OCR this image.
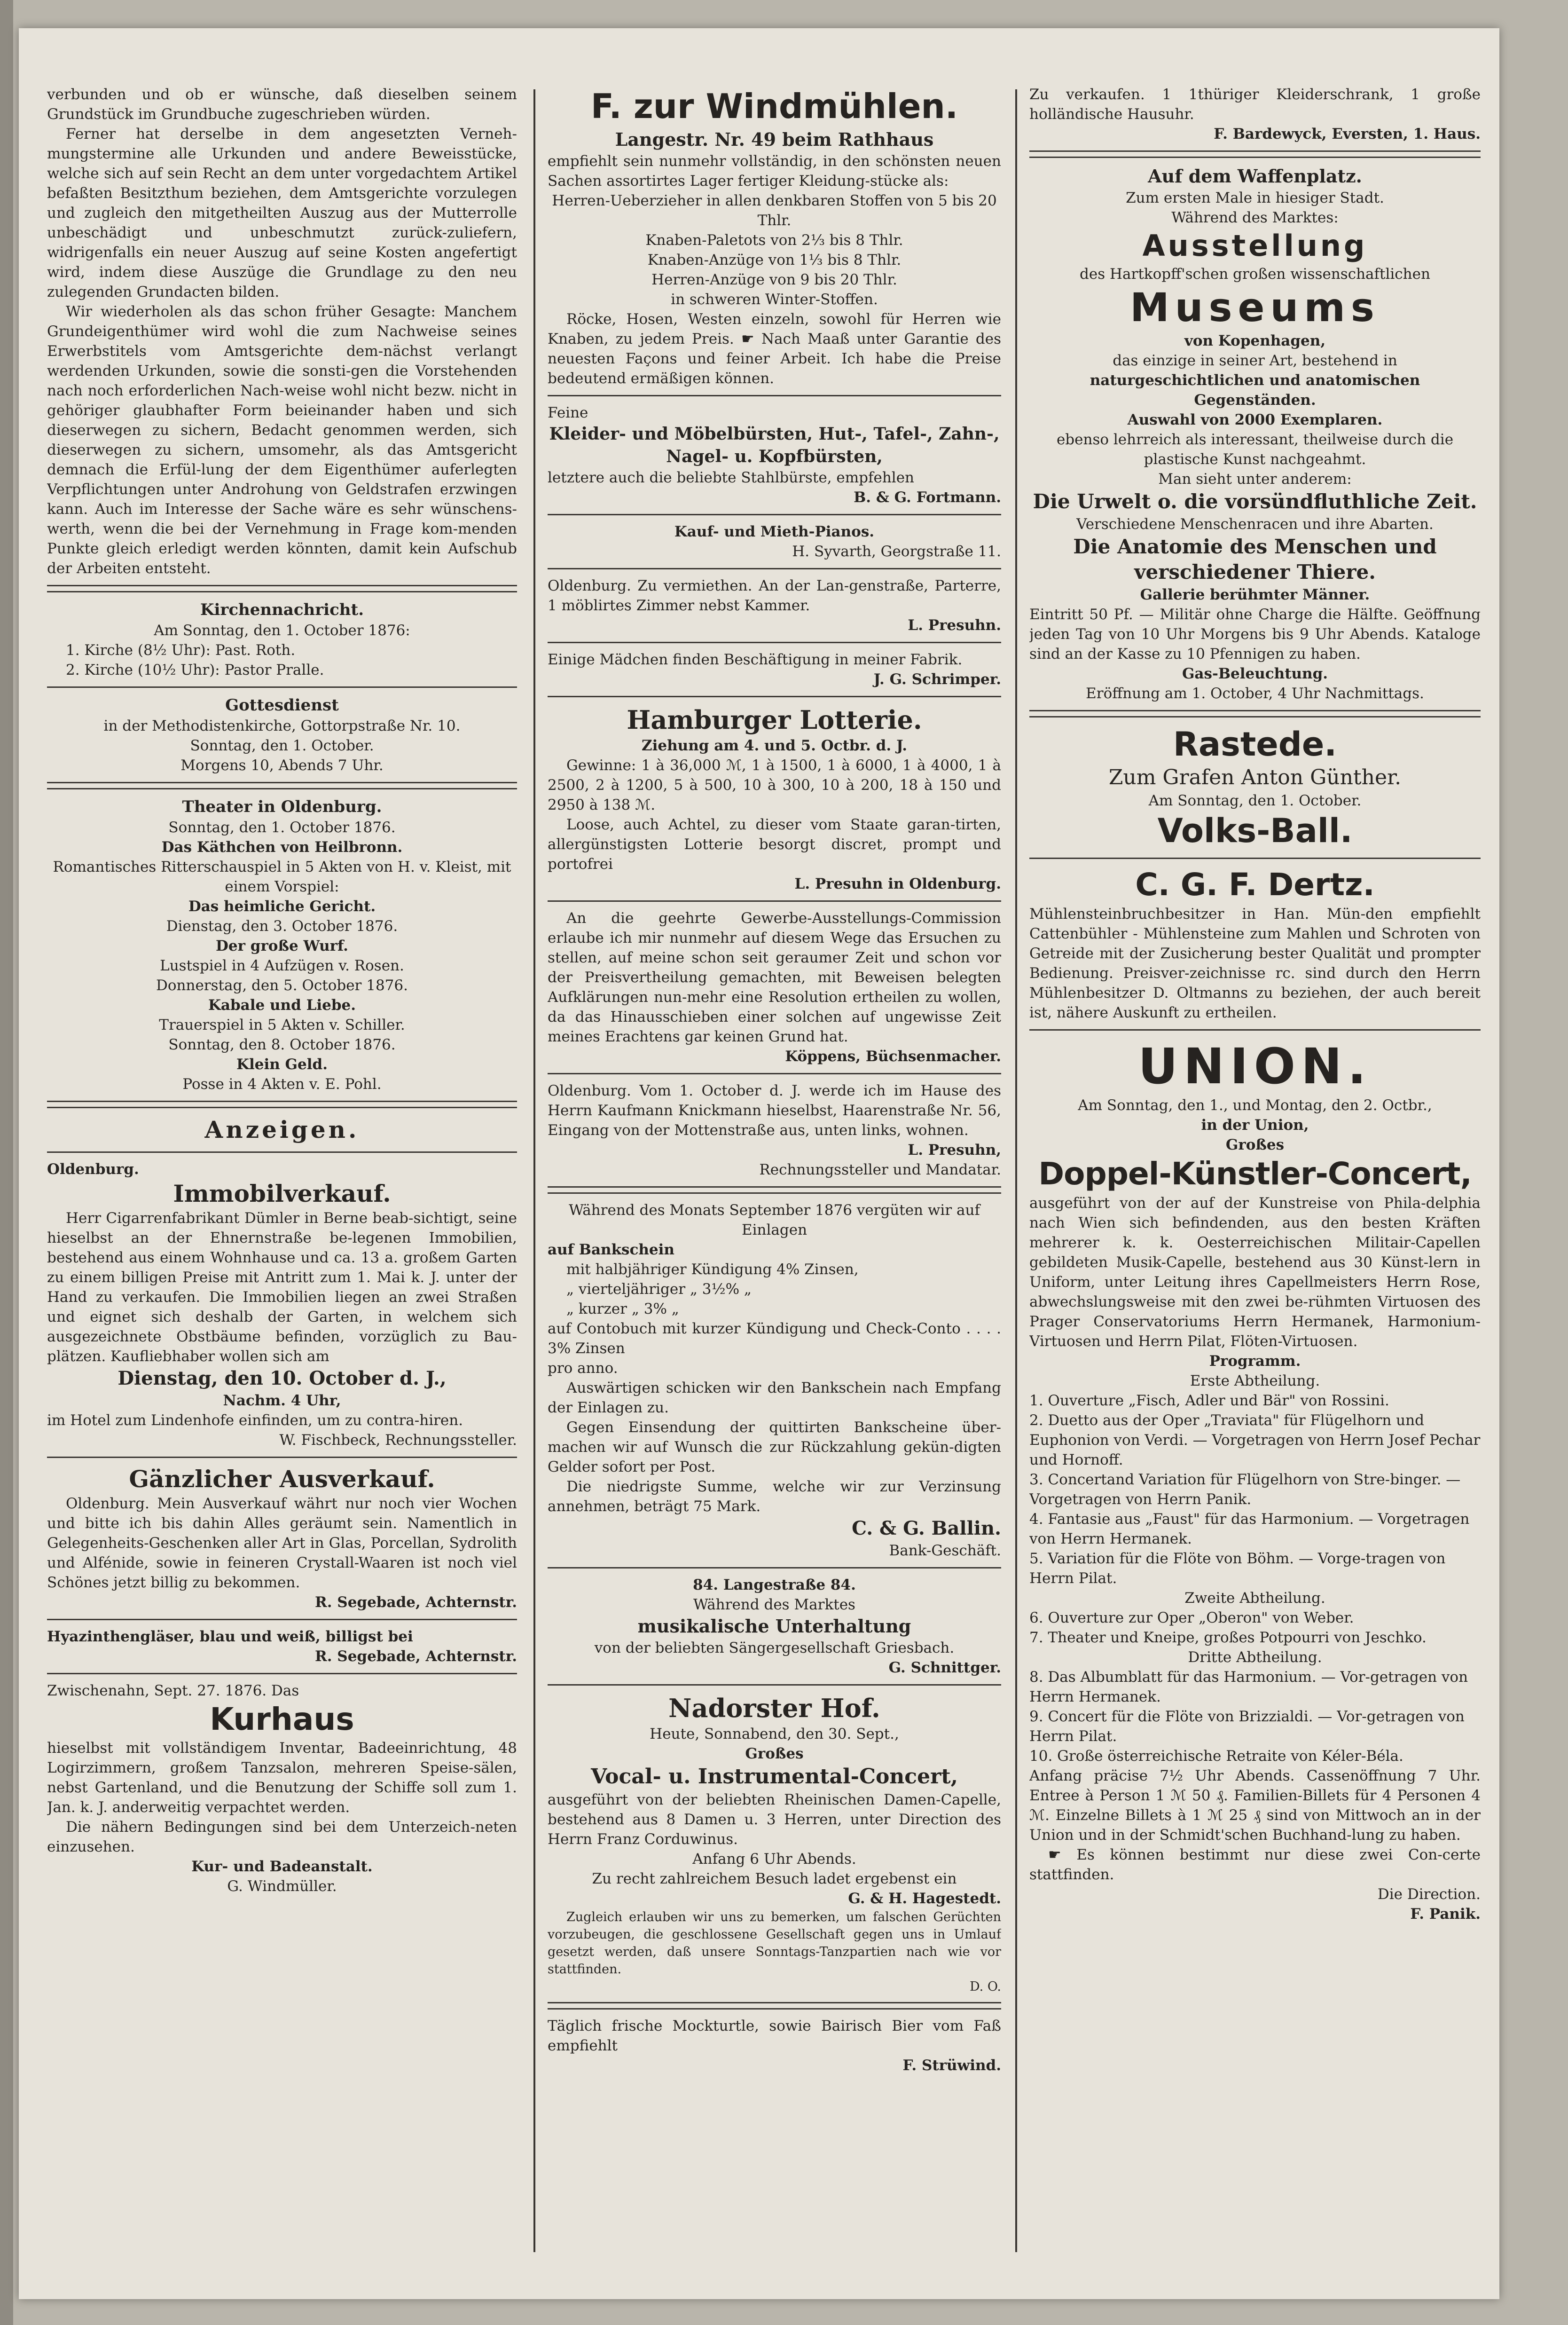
verbunden und ob er wünsche, daß dieselben seinem Grundstück im Grundbuche zugeschrieben würden.

Ferner hat derselbe in dem angesetzten Verneh-mungstermine alle Urkunden und andere Beweisstücke, welche sich auf sein Recht an dem unter vorgedachtem Artikel befaßten Besitzthum beziehen, dem Amtsgerichte vorzulegen und zugleich den mitgetheilten Auszug aus der Mutterrolle unbeschädigt und unbeschmutzt zurück-zuliefern, widrigenfalls ein neuer Auszug auf seine Kosten angefertigt wird, indem diese Auszüge die Grundlage zu den neu zulegenden Grundacten bilden.

Wir wiederholen als das schon früher Gesagte: Manchem Grundeigenthümer wird wohl die zum Nachweise seines Erwerbstitels vom Amtsgerichte dem-nächst verlangt werdenden Urkunden, sowie die sonsti-gen die Vorstehenden nach noch erforderlichen Nach-weise wohl nicht bezw. nicht in gehöriger glaubhafter Form beieinander haben und sich dieserwegen zu sichern, Bedacht genommen werden, sich dieserwegen zu sichern, umsomehr, als das Amtsgericht demnach die Erfül-lung der dem Eigenthümer auferlegten Verpflichtungen unter Androhung von Geldstrafen erzwingen kann. Auch im Interesse der Sache wäre es sehr wünschens-werth, wenn die bei der Vernehmung in Frage kom-menden Punkte gleich erledigt werden könnten, damit kein Aufschub der Arbeiten entsteht.

Kirchennachricht.

Am Sonntag, den 1. October 1876:

1. Kirche (8½ Uhr): Past. Roth.

2. Kirche (10½ Uhr): Pastor Pralle.

Gottesdienst

in der Methodistenkirche, Gottorpstraße Nr. 10.

Sonntag, den 1. October.

Morgens 10, Abends 7 Uhr.

Theater in Oldenburg.

Sonntag, den 1. October 1876.

Das Käthchen von Heilbronn.

Romantisches Ritterschauspiel in 5 Akten von H. v. Kleist, mit einem Vorspiel:

Das heimliche Gericht.

Dienstag, den 3. October 1876.

Der große Wurf.

Lustspiel in 4 Aufzügen v. Rosen.

Donnerstag, den 5. October 1876.

Kabale und Liebe.

Trauerspiel in 5 Akten v. Schiller.

Sonntag, den 8. October 1876.

Klein Geld.

Posse in 4 Akten v. E. Pohl.

Anzeigen.

Oldenburg.

Immobilverkauf.

Herr Cigarrenfabrikant Dümler in Berne beab-sichtigt, seine hieselbst an der Ehnernstraße be-legenen Immobilien, bestehend aus einem Wohnhause und ca. 13 a. großem Garten zu einem billigen Preise mit Antritt zum 1. Mai k. J. unter der Hand zu verkaufen. Die Immobilien liegen an zwei Straßen und eignet sich deshalb der Garten, in welchem sich ausgezeichnete Obstbäume befinden, vorzüglich zu Bau-plätzen. Kaufliebhaber wollen sich am

Dienstag, den 10. October d. J.,

Nachm. 4 Uhr,

im Hotel zum Lindenhofe einfinden, um zu contra-hiren.

W. Fischbeck, Rechnungssteller.

Gänzlicher Ausverkauf.

Oldenburg. Mein Ausverkauf währt nur noch vier Wochen und bitte ich bis dahin Alles geräumt sein. Namentlich in Gelegenheits-Geschenken aller Art in Glas, Porcellan, Sydrolith und Alfénide, sowie in feineren Crystall-Waaren ist noch viel Schönes jetzt billig zu bekommen.

R. Segebade, Achternstr.

Hyazinthengläser, blau und weiß, billigst bei

R. Segebade, Achternstr.

Zwischenahn, Sept. 27. 1876. Das

Kurhaus

hieselbst mit vollständigem Inventar, Badeeinrichtung, 48 Logirzimmern, großem Tanzsalon, mehreren Speise-sälen, nebst Gartenland, und die Benutzung der Schiffe soll zum 1. Jan. k. J. anderweitig verpachtet werden.

Die nähern Bedingungen sind bei dem Unterzeich-neten einzusehen.

Kur- und Badeanstalt.

G. Windmüller.

F. zur Windmühlen.

Langestr. Nr. 49 beim Rathhaus

empfiehlt sein nunmehr vollständig, in den schönsten neuen Sachen assortirtes Lager fertiger Kleidung-stücke als:

Herren-Ueberzieher in allen denkbaren Stoffen von 5 bis 20 Thlr.

Knaben-Paletots von 2⅓ bis 8 Thlr.

Knaben-Anzüge von 1⅓ bis 8 Thlr.

Herren-Anzüge von 9 bis 20 Thlr.

in schweren Winter-Stoffen.

Röcke, Hosen, Westen einzeln, sowohl für Herren wie Knaben, zu jedem Preis. ☛ Nach Maaß unter Garantie des neuesten Façons und feiner Arbeit. Ich habe die Preise bedeutend ermäßigen können.

Feine

Kleider- und Möbelbürsten, Hut-, Tafel-, Zahn-, Nagel- u. Kopfbürsten,

letztere auch die beliebte Stahlbürste, empfehlen

B. & G. Fortmann.

Kauf- und Mieth-Pianos.

H. Syvarth, Georgstraße 11.

Oldenburg. Zu vermiethen. An der Lan-genstraße, Parterre, 1 möblirtes Zimmer nebst Kammer.

L. Presuhn.

Einige Mädchen finden Beschäftigung in meiner Fabrik.

J. G. Schrimper.

Hamburger Lotterie.

Ziehung am 4. und 5. Octbr. d. J.

Gewinne: 1 à 36,000 ℳ, 1 à 1500, 1 à 6000, 1 à 4000, 1 à 2500, 2 à 1200, 5 à 500, 10 à 300, 10 à 200, 18 à 150 und 2950 à 138 ℳ.

Loose, auch Achtel, zu dieser vom Staate garan-tirten, allergünstigsten Lotterie besorgt discret, prompt und portofrei

L. Presuhn in Oldenburg.

An die geehrte Gewerbe-Ausstellungs-Commission erlaube ich mir nunmehr auf diesem Wege das Ersuchen zu stellen, auf meine schon seit geraumer Zeit und schon vor der Preisvertheilung gemachten, mit Beweisen belegten Aufklärungen nun-mehr eine Resolution ertheilen zu wollen, da das Hinausschieben einer solchen auf ungewisse Zeit meines Erachtens gar keinen Grund hat.

Köppens, Büchsenmacher.

Oldenburg. Vom 1. October d. J. werde ich im Hause des Herrn Kaufmann Knickmann hieselbst, Haarenstraße Nr. 56, Eingang von der Mottenstraße aus, unten links, wohnen.

L. Presuhn,

Rechnungssteller und Mandatar.

Während des Monats September 1876 vergüten wir auf Einlagen

auf Bankschein

mit halbjähriger Kündigung 4% Zinsen,

„ vierteljähriger „ 3½% „

„ kurzer „ 3% „

auf Contobuch mit kurzer Kündigung und Check-Conto . . . . 3% Zinsen

pro anno.

Auswärtigen schicken wir den Bankschein nach Empfang der Einlagen zu.

Gegen Einsendung der quittirten Bankscheine über-machen wir auf Wunsch die zur Rückzahlung gekün-digten Gelder sofort per Post.

Die niedrigste Summe, welche wir zur Verzinsung annehmen, beträgt 75 Mark.

C. & G. Ballin.

Bank-Geschäft.

84. Langestraße 84.

Während des Marktes

musikalische Unterhaltung

von der beliebten Sängergesellschaft Griesbach.

G. Schnittger.

Nadorster Hof.

Heute, Sonnabend, den 30. Sept.,

Großes

Vocal- u. Instrumental-Concert,

ausgeführt von der beliebten Rheinischen Damen-Capelle, bestehend aus 8 Damen u. 3 Herren, unter Direction des Herrn Franz Corduwinus.

Anfang 6 Uhr Abends.

Zu recht zahlreichem Besuch ladet ergebenst ein

G. & H. Hagestedt.

Zugleich erlauben wir uns zu bemerken, um falschen Gerüchten vorzubeugen, die geschlossene Gesellschaft gegen uns in Umlauf gesetzt werden, daß unsere Sonntags-Tanzpartien nach wie vor stattfinden.

D. O.

Täglich frische Mockturtle, sowie Bairisch Bier vom Faß empfiehlt

F. Strüwind.

Zu verkaufen. 1 1thüriger Kleiderschrank, 1 große holländische Hausuhr.

F. Bardewyck, Eversten, 1. Haus.

Auf dem Waffenplatz.

Zum ersten Male in hiesiger Stadt.

Während des Marktes:

Ausstellung

des Hartkopff'schen großen wissenschaftlichen

Museums

von Kopenhagen,

das einzige in seiner Art, bestehend in

naturgeschichtlichen und anatomischen Gegenständen.

Auswahl von 2000 Exemplaren.

ebenso lehrreich als interessant, theilweise durch die plastische Kunst nachgeahmt.

Man sieht unter anderem:

Die Urwelt o. die vorsündfluthliche Zeit.

Verschiedene Menschenracen und ihre Abarten.

Die Anatomie des Menschen und verschiedener Thiere.

Gallerie berühmter Männer.

Eintritt 50 Pf. — Militär ohne Charge die Hälfte. Geöffnung jeden Tag von 10 Uhr Morgens bis 9 Uhr Abends. Kataloge sind an der Kasse zu 10 Pfennigen zu haben.

Gas-Beleuchtung.

Eröffnung am 1. October, 4 Uhr Nachmittags.

Rastede.

Zum Grafen Anton Günther.

Am Sonntag, den 1. October.

Volks-Ball.
C. G. F. Dertz.

Mühlensteinbruchbesitzer in Han. Mün-den empfiehlt Cattenbühler - Mühlensteine zum Mahlen und Schroten von Getreide mit der Zusicherung bester Qualität und prompter Bedienung. Preisver-zeichnisse rc. sind durch den Herrn Mühlenbesitzer D. Oltmanns zu beziehen, der auch bereit ist, nähere Auskunft zu ertheilen.

UNION.

Am Sonntag, den 1., und Montag, den 2. Octbr.,

in der Union,

Großes

Doppel-Künstler-Concert,

ausgeführt von der auf der Kunstreise von Phila-delphia nach Wien sich befindenden, aus den besten Kräften mehrerer k. k. Oesterreichischen Militair-Capellen gebildeten Musik-Capelle, bestehend aus 30 Künst-lern in Uniform, unter Leitung ihres Capellmeisters Herrn Rose, abwechslungsweise mit den zwei be-rühmten Virtuosen des Prager Conservatoriums Herrn Hermanek, Harmonium-Virtuosen und Herrn Pilat, Flöten-Virtuosen.

Programm.

Erste Abtheilung.

1. Ouverture „Fisch, Adler und Bär" von Rossini.
2. Duetto aus der Oper „Traviata" für Flügelhorn und Euphonion von Verdi. — Vorgetragen von Herrn Josef Pechar und Hornoff.
3. Concertand Variation für Flügelhorn von Stre-binger. — Vorgetragen von Herrn Panik.
4. Fantasie aus „Faust" für das Harmonium. — Vorgetragen von Herrn Hermanek.
5. Variation für die Flöte von Böhm. — Vorge-tragen von Herrn Pilat.

Zweite Abtheilung.

6. Ouverture zur Oper „Oberon" von Weber.
7. Theater und Kneipe, großes Potpourri von Jeschko.

Dritte Abtheilung.

8. Das Albumblatt für das Harmonium. — Vor-getragen von Herrn Hermanek.
9. Concert für die Flöte von Brizzialdi. — Vor-getragen von Herrn Pilat.
10. Große österreichische Retraite von Kéler-Béla.

Anfang präcise 7½ Uhr Abends. Cassenöffnung 7 Uhr. Entree à Person 1 ℳ 50 ₰. Familien-Billets für 4 Personen 4 ℳ. Einzelne Billets à 1 ℳ 25 ₰ sind von Mittwoch an in der Union und in der Schmidt'schen Buchhand-lung zu haben.

☛ Es können bestimmt nur diese zwei Con-certe stattfinden.

Die Direction.

F. Panik.
